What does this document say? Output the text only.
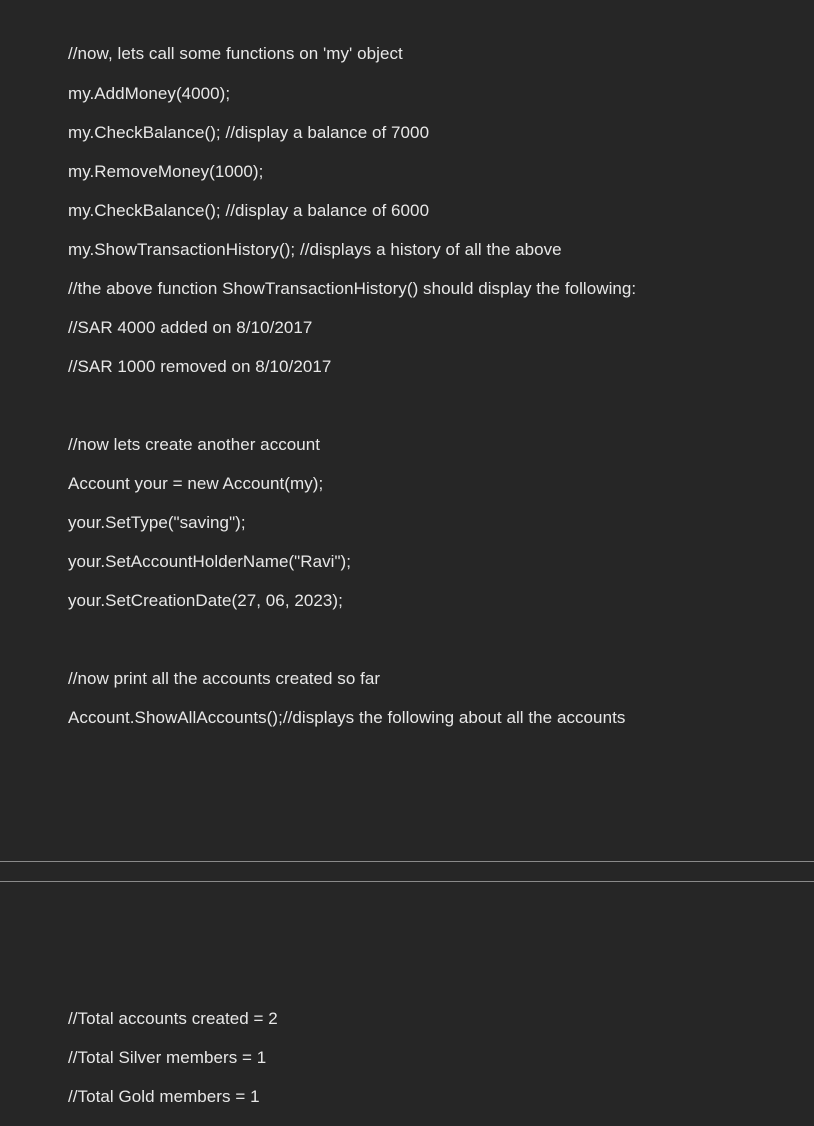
//now, lets call some functions on 'my' object
my.AddMoney(4000);
my.CheckBalance(); //display a balance of 7000
my.RemoveMoney(1000);
my.CheckBalance(); //display a balance of 6000
my.ShowTransactionHistory(); //displays a history of all the above
//the above function ShowTransactionHistory() should display the following:
//SAR 4000 added on 8/10/2017
//SAR 1000 removed on 8/10/2017
//now lets create another account
Account your = new Account(my);
your.SetType("saving");
your.SetAccountHolderName("Ravi");
your.SetCreationDate(27, 06, 2023);
//now print all the accounts created so far
Account.ShowAllAccounts();//displays the following about all the accounts
//Total accounts created = 2
//Total Silver members = 1
//Total Gold members = 1
